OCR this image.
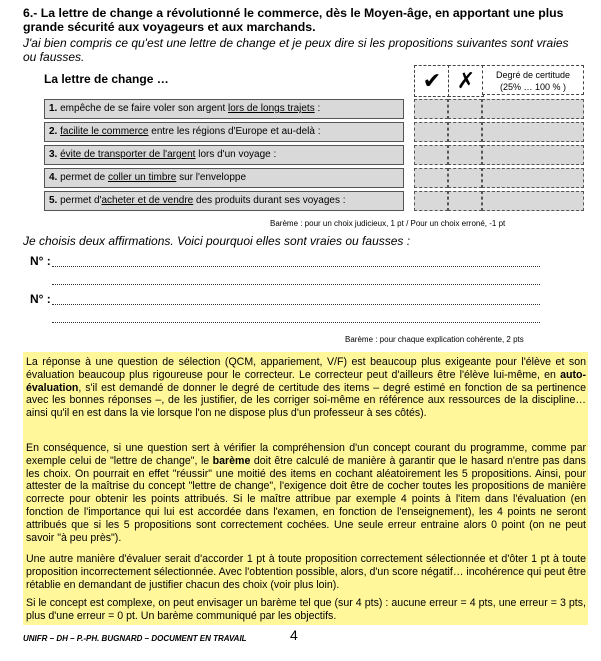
6.- La lettre de change a révolutionné le commerce, dès le Moyen-âge, en apportant une plus grande sécurité aux voyageurs et aux marchands.
J'ai bien compris ce qu'est une lettre de change et je peux dire si les propositions suivantes sont vraies ou fausses.
La lettre de change …	✔ ✗	Degré de certitude
(25% … 100 % )
1. empêche de se faire voler son argent lors de longs trajets :
2. facilite le commerce entre les régions d'Europe et au-delà :
3. évite de transporter de l'argent lors d'un voyage :
4. permet de coller un timbre sur l'enveloppe
5. permet d'acheter et de vendre des produits durant ses voyages :
Barème : pour un choix judicieux, 1 pt / Pour un choix erroné, -1 pt
Je choisis deux affirmations. Voici pourquoi elles sont vraies ou fausses :
N° :
N° :
Barème : pour chaque explication cohérente, 2 pts
La réponse à une question de sélection (QCM, appariement, V/F) est beaucoup plus exigeante pour l'élève et son évaluation beaucoup plus rigoureuse pour le correcteur. Le correcteur peut d'ailleurs être l'élève lui-même, en auto-évaluation, s'il est demandé de donner le degré de certitude des items – degré estimé en fonction de sa pertinence avec les bonnes réponses –, de les justifier, de les corriger soi-même en référence aux ressources de la discipline… ainsi qu'il en est dans la vie lorsque l'on ne dispose plus d'un professeur à ses côtés).
En conséquence, si une question sert à vérifier la compréhension d'un concept courant du programme, comme par exemple celui de "lettre de change", le barème doit être calculé de manière à garantir que le hasard n'entre pas dans les choix. On pourrait en effet "réussir" une moitié des items en cochant aléatoirement les 5 propositions. Ainsi, pour attester de la maîtrise du concept "lettre de change", l'exigence doit être de cocher toutes les propositions de manière correcte pour obtenir les points attribués. Si le maître attribue par exemple 4 points à l'item dans l'évaluation (en fonction de l'importance qui lui est accordée dans l'examen, en fonction de l'enseignement), les 4 points ne seront attribués que si les 5 propositions sont correctement cochées. Une seule erreur entraine alors 0 point (on ne peut savoir "à peu près").
Une autre manière d'évaluer serait d'accorder 1 pt à toute proposition correctement sélectionnée et d'ôter 1 pt à toute proposition incorrectement sélectionnée. Avec l'obtention possible, alors, d'un score négatif… incohérence qui peut être rétablie en demandant de justifier chacun des choix (voir plus loin).
Si le concept est complexe, on peut envisager un barème tel que (sur 4 pts) : aucune erreur = 4 pts, une erreur = 3 pts, plus d'une erreur = 0 pt. Un barème communiqué par les objectifs.
UNIFR – DH – P.-PH. BUGNARD – DOCUMENT EN TRAVAIL	4
